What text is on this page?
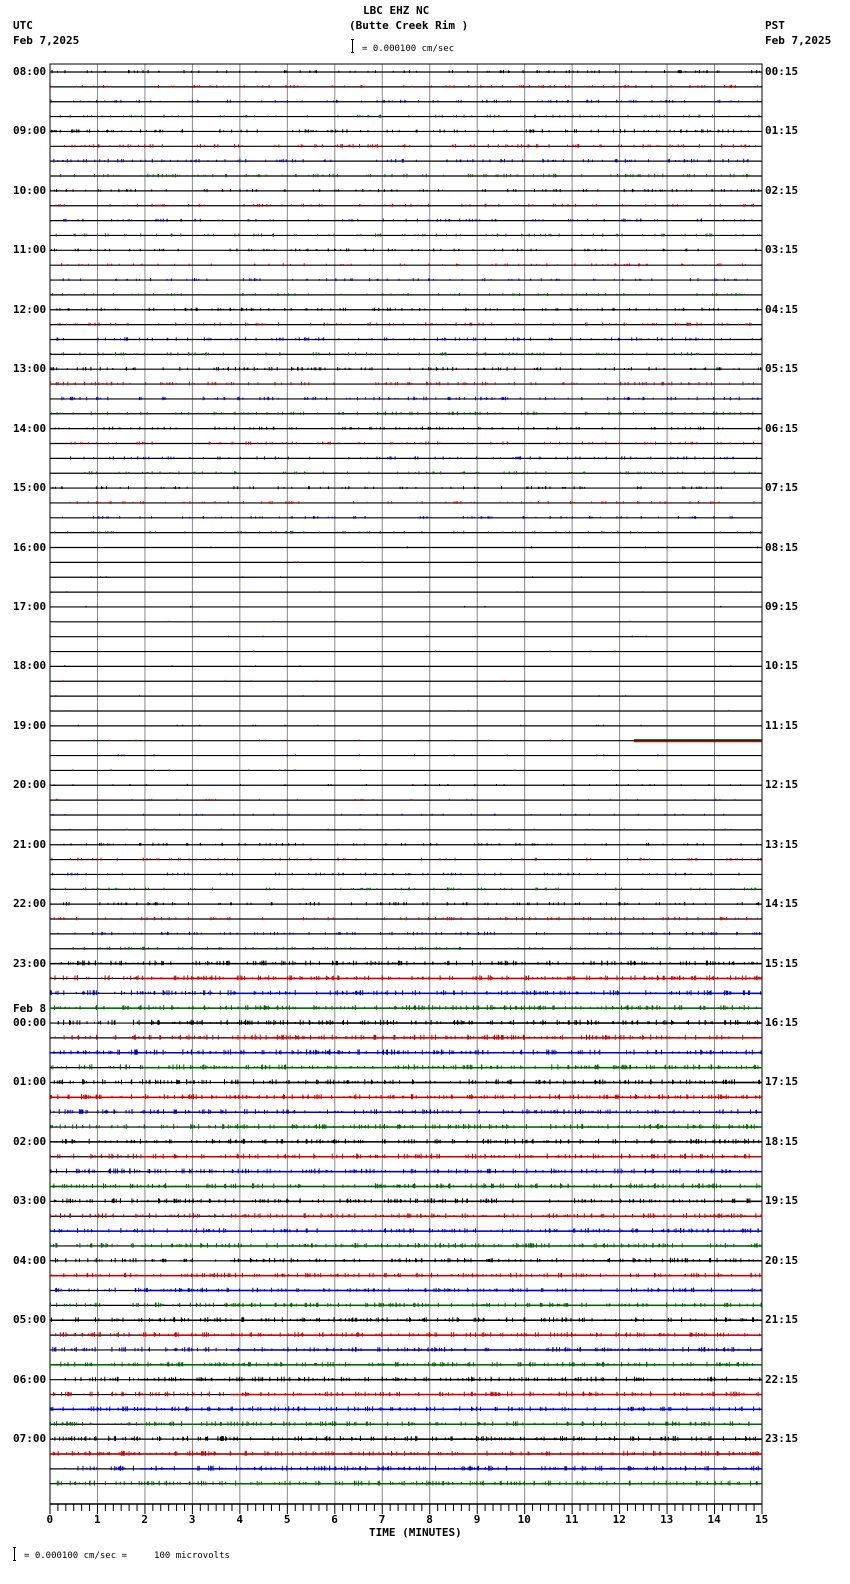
LBC EHZ NC
(Butte Creek Rim )
UTC
Feb 7,2025
PST
Feb 7,2025
= 0.000100 cm/sec
0	1	2	3	4	5	6	7	8	9	10	11	12	13	14	15
08:00
09:00
10:00
11:00
12:00
13:00
14:00
15:00
16:00
17:00
18:00
19:00
20:00
21:00
22:00
23:00
00:00
Feb 8
01:00
02:00
03:00
04:00
05:00
06:00
07:00
00:15
01:15
02:15
03:15
04:15
05:15
06:15
07:15
08:15
09:15
10:15
11:15
12:15
13:15
14:15
15:15
16:15
17:15
18:15
19:15
20:15
21:15
22:15
23:15
TIME (MINUTES)
= 0.000100 cm/sec =     100 microvolts
